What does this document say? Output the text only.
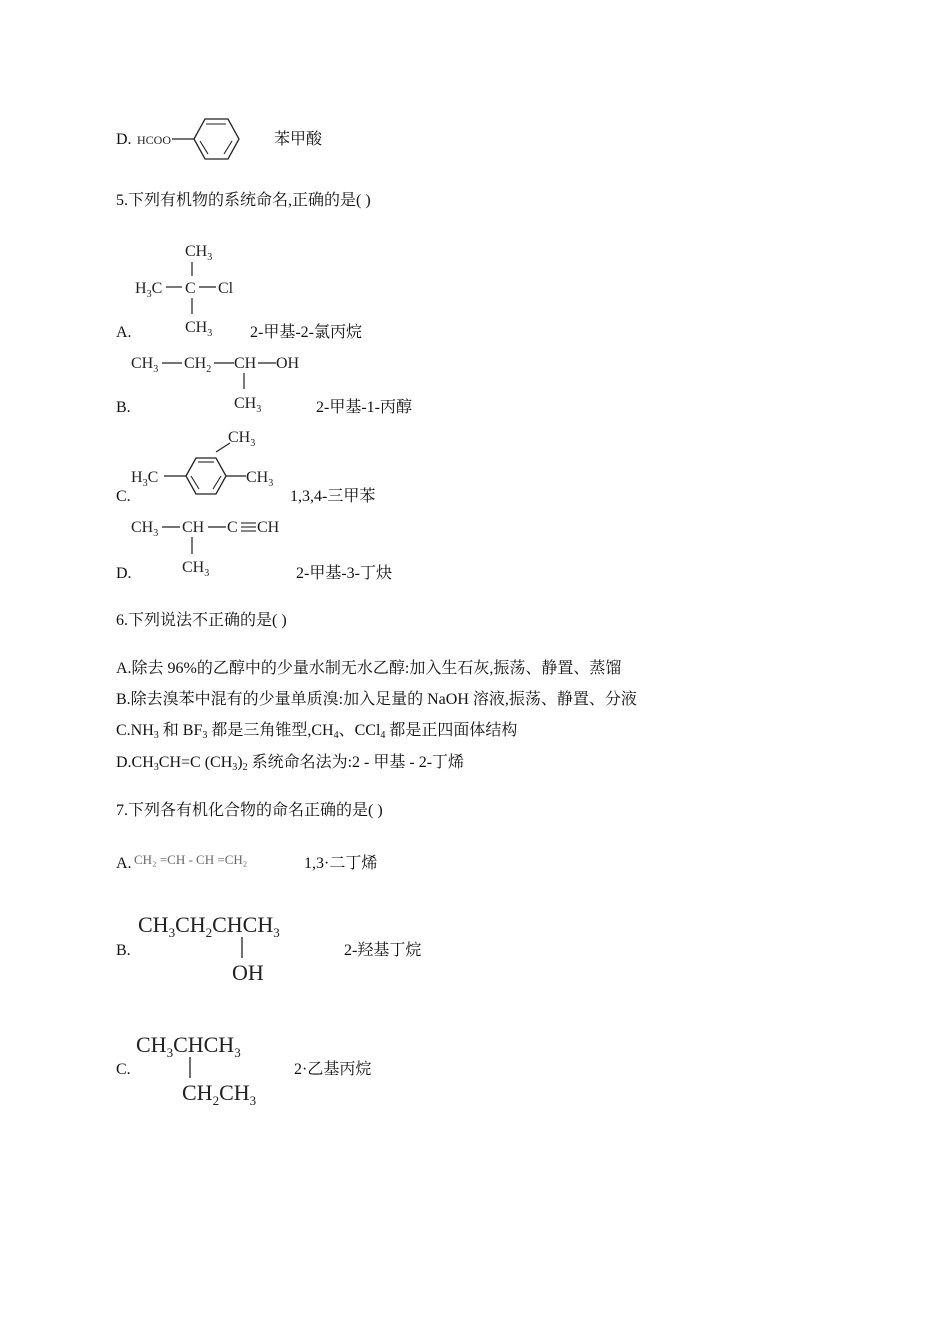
D. HCOO	苯甲酸
5.下列有机物的系统命名,正确的是( )
A.
$CH_3$
$H_3C$ C Cl
$CH_3$ 2-甲基-2-氯丙烷
B.
$CH_3$ $CH_2$ CH OH
$CH_3$	2-甲基-1-丙醇
C.
$CH_3$
$H_3C$	$CH_3$
1,3,4-三甲苯
D.
$CH_3$ CH C CH
$CH_3$	2-甲基-3-丁炔
6.下列说法不正确的是( )
A.除去 96%的乙醇中的少量水制无水乙醇:加入生石灰,振荡、静置、蒸馏
B.除去溴苯中混有的少量单质溴:加入足量的 NaOH 溶液,振荡、静置、分液
$C.NH_3$ 和 $BF_3$ 都是三角锥型$,CH_4$、CCl$_4$ 都是正四面体结构
$D.CH_3CH=C$ $(CH_3)_2$ 系统命名法为:2 - 甲基 - 2-丁烯
7.下列各有机化合物的命名正确的是( )
A. CH₂ =CH - CH =CH₂	1,3·二丁烯
B.
$CH_3CH_2CHCH_3$
OH
2-羟基丁烷
C.
$CH_3CHCH_3$
$CH_2CH_3$
2·乙基丙烷
